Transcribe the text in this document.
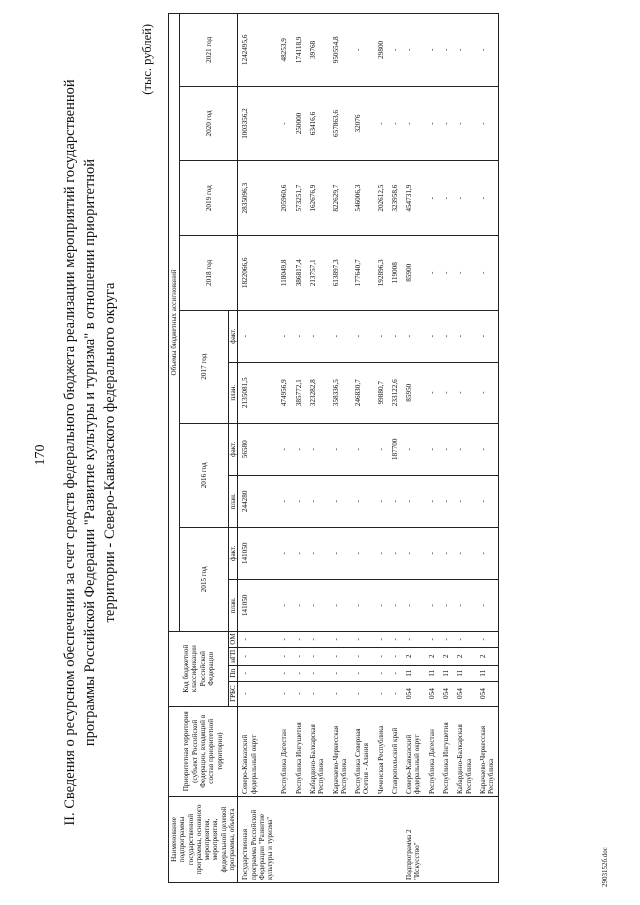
170 II. Сведения о ресурсном обеспечении за счет средств федерального бюджета реализации мероприятий государственной программы Российской Федерации "Развитие культуры и туризма" в отношении приоритетной территории - Северо-Кавказского федерального округа
(тыс. рублей)
Наименование подпрограммы государственной программы, основного мероприятия, мероприятия, федеральной целевой программы, объекта	Приоритетная территория (субъект Российской Федерации, входящий в состав приоритетной территории)	Код бюджетной классификации Российской Федерации				Объемы бюджетных ассигнований									
						2015 год		2016 год		2017 год		2018 год	2019 год	2020 год	2021 год
		ГРБС	Пп	нГП	ОМ	план.	факт.	план.	факт.	план.	факт.				
Государственная программа Российской Федерации "Развитие культуры и туризма"	Северо-Кавказский федеральный округ	-	-	-	-	141050	141050	244280	56580	2135081,5	-	1822066,6	2835096,3	1003356,2	1242495,6
	Республика Дагестан	-	-	-	-	-	-	-	-	474956,9	-	118049,8	205960,6	-	48253,9
	Республика Ингушетия	-	-	-	-	-	-	-	-	385772,1	-	386817,4	573251,7	250000	174118,9
	Кабардино-Балкарская Республика	-	-	-	-	-	-	-	-	323282,8	-	213757,1	162676,9	63416,6	39768
	Карачаево-Черкесская Республика	-	-	-	-	-	-	-	-	358336,5	-	613897,3	822629,7	657863,6	950554,8
	Республика Северная Осетия - Алания	-	-	-	-	-	-	-	-	246830,7	-	177640,7	546006,3	32076	-
	Чеченская Республика	-	-	-	-	-	-	-	-	99880,7	-	192896,3	202612,5	-	29800
	Ставропольский край	-	-	-	-	-	-	-	187700	233122,6	-	119008	323958,6	-	-
Подпрограмма 2 "Искусство"	Северо-Кавказский федеральный округ	054	11	2	-	-	-	-	-	85950	-	85900	454731,9	-	-
	Республика Дагестан	054	11	2	-	-	-	-	-	-	-	-	-	-	-
	Республика Ингушетия	054	11	2	-	-	-	-	-	-	-	-	-	-	-
	Кабардино-Балкарская Республика	054	11	2	-	-	-	-	-	-	-	-	-	-	-
	Карачаево-Черкесская Республика	054	11	2	-	-	-	-	-	-	-	-	-	-	-
2903152б.doc
